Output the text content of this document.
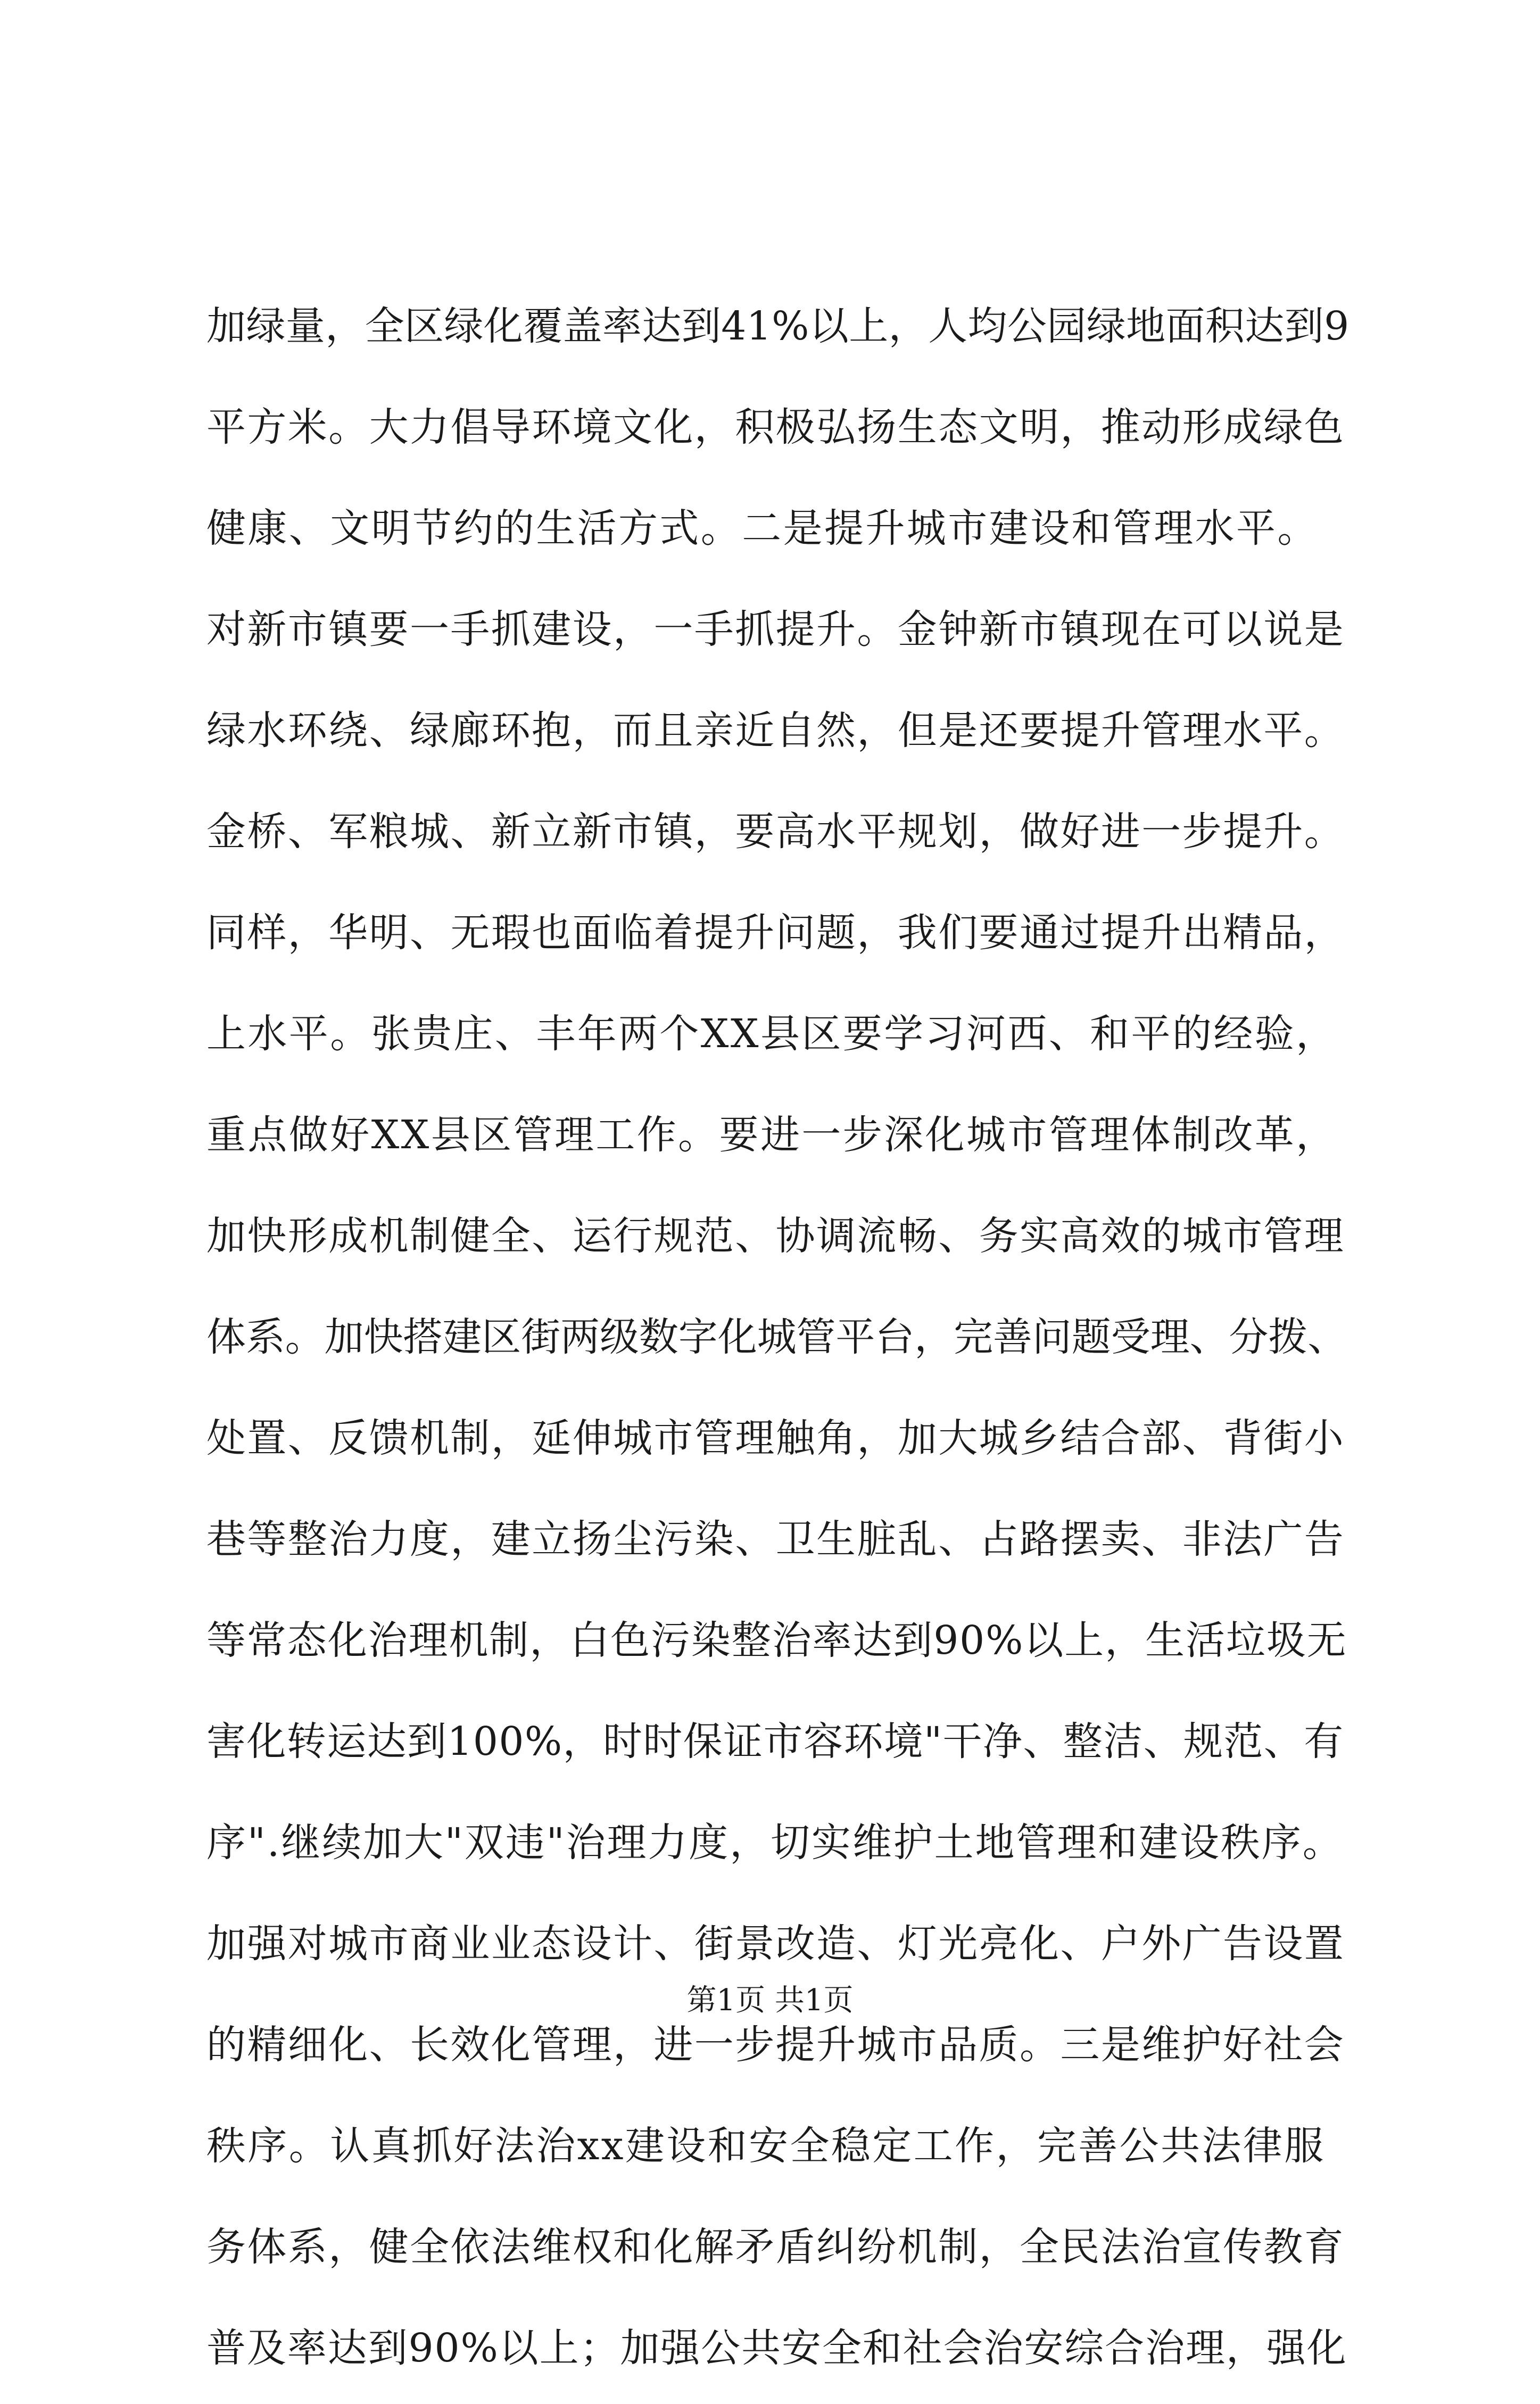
加绿量，全区绿化覆盖率达到41%以上，人均公园绿地面积达到9
平方米。大力倡导环境文化，积极弘扬生态文明，推动形成绿色
健康、文明节约的生活方式。二是提升城市建设和管理水平。
对新市镇要一手抓建设，一手抓提升。金钟新市镇现在可以说是
绿水环绕、绿廊环抱，而且亲近自然，但是还要提升管理水平。
金桥、军粮城、新立新市镇，要高水平规划，做好进一步提升。
同样，华明、无瑕也面临着提升问题，我们要通过提升出精品，
上水平。张贵庄、丰年两个XX县区要学习河西、和平的经验，
重点做好XX县区管理工作。要进一步深化城市管理体制改革，
加快形成机制健全、运行规范、协调流畅、务实高效的城市管理
体系。加快搭建区街两级数字化城管平台，完善问题受理、分拨、
处置、反馈机制，延伸城市管理触角，加大城乡结合部、背街小
巷等整治力度，建立扬尘污染、卫生脏乱、占路摆卖、非法广告
等常态化治理机制，白色污染整治率达到90%以上，生活垃圾无
害化转运达到100%，时时保证市容环境"干净、整洁、规范、有
序".继续加大"双违"治理力度，切实维护土地管理和建设秩序。
加强对城市商业业态设计、街景改造、灯光亮化、户外广告设置
的精细化、长效化管理，进一步提升城市品质。三是维护好社会
秩序。认真抓好法治xx建设和安全稳定工作，完善公共法律服
务体系，健全依法维权和化解矛盾纠纷机制，全民法治宣传教育
普及率达到90%以上；加强公共安全和社会治安综合治理，强化
第1页 共1页
